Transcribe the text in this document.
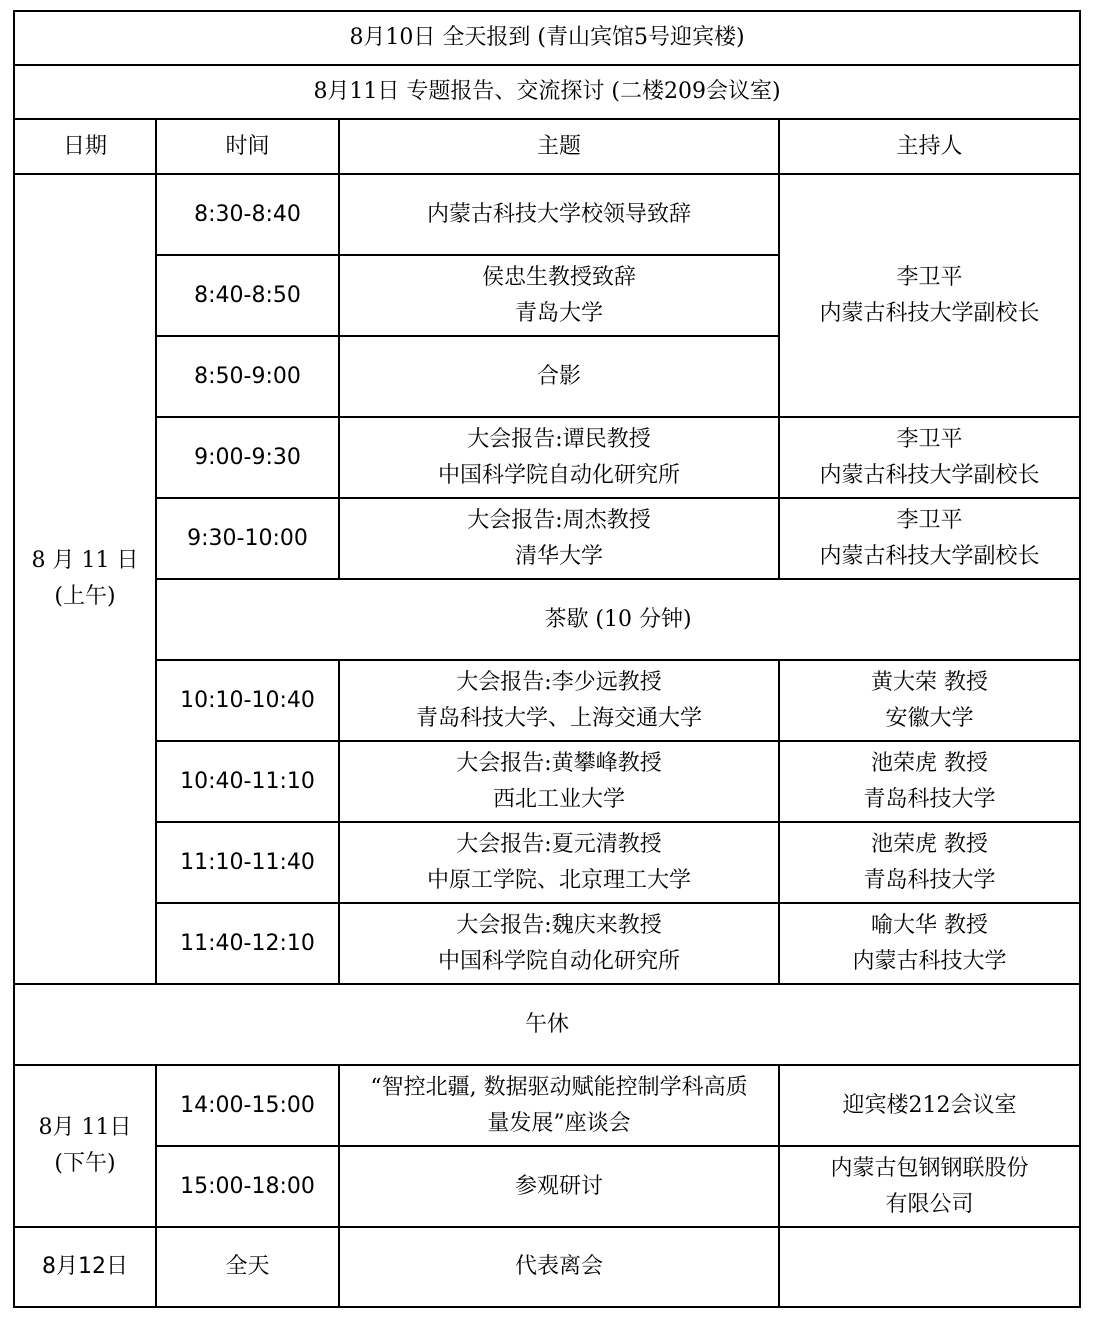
8月10日 全天报到 (青山宾馆5号迎宾楼)			
8月11日 专题报告、交流探讨 (二楼209会议室)			
日期	时间	主题	主持人

8 月 11 日
(上午)	8:30-8:40	内蒙古科技大学校领导致辞	李卫平
内蒙古科技大学副校长

	8:40-8:50	侯忠生教授致辞
青岛大学	

	8:50-9:00	合影	

	9:00-9:30	大会报告:谭民教授
中国科学院自动化研究所	李卫平
内蒙古科技大学副校长

	9:30-10:00	大会报告:周杰教授
清华大学	李卫平
内蒙古科技大学副校长

	茶歇 (10 分钟)		
	10:10-10:40	大会报告:李少远教授
青岛科技大学、上海交通大学	黄大荣 教授
安徽大学

	10:40-11:10	大会报告:黄攀峰教授
西北工业大学	池荣虎 教授
青岛科技大学

	11:10-11:40	大会报告:夏元清教授
中原工学院、北京理工大学	池荣虎 教授
青岛科技大学

	11:40-12:10	大会报告:魏庆来教授
中国科学院自动化研究所	喻大华 教授
内蒙古科技大学

午休			

8月 11日
(下午)	14:00-15:00	“智控北疆, 数据驱动赋能控制学科高质
量发展”座谈会	迎宾楼212会议室

	15:00-18:00	参观研讨	内蒙古包钢钢联股份
有限公司

8月12日	全天	代表离会	
